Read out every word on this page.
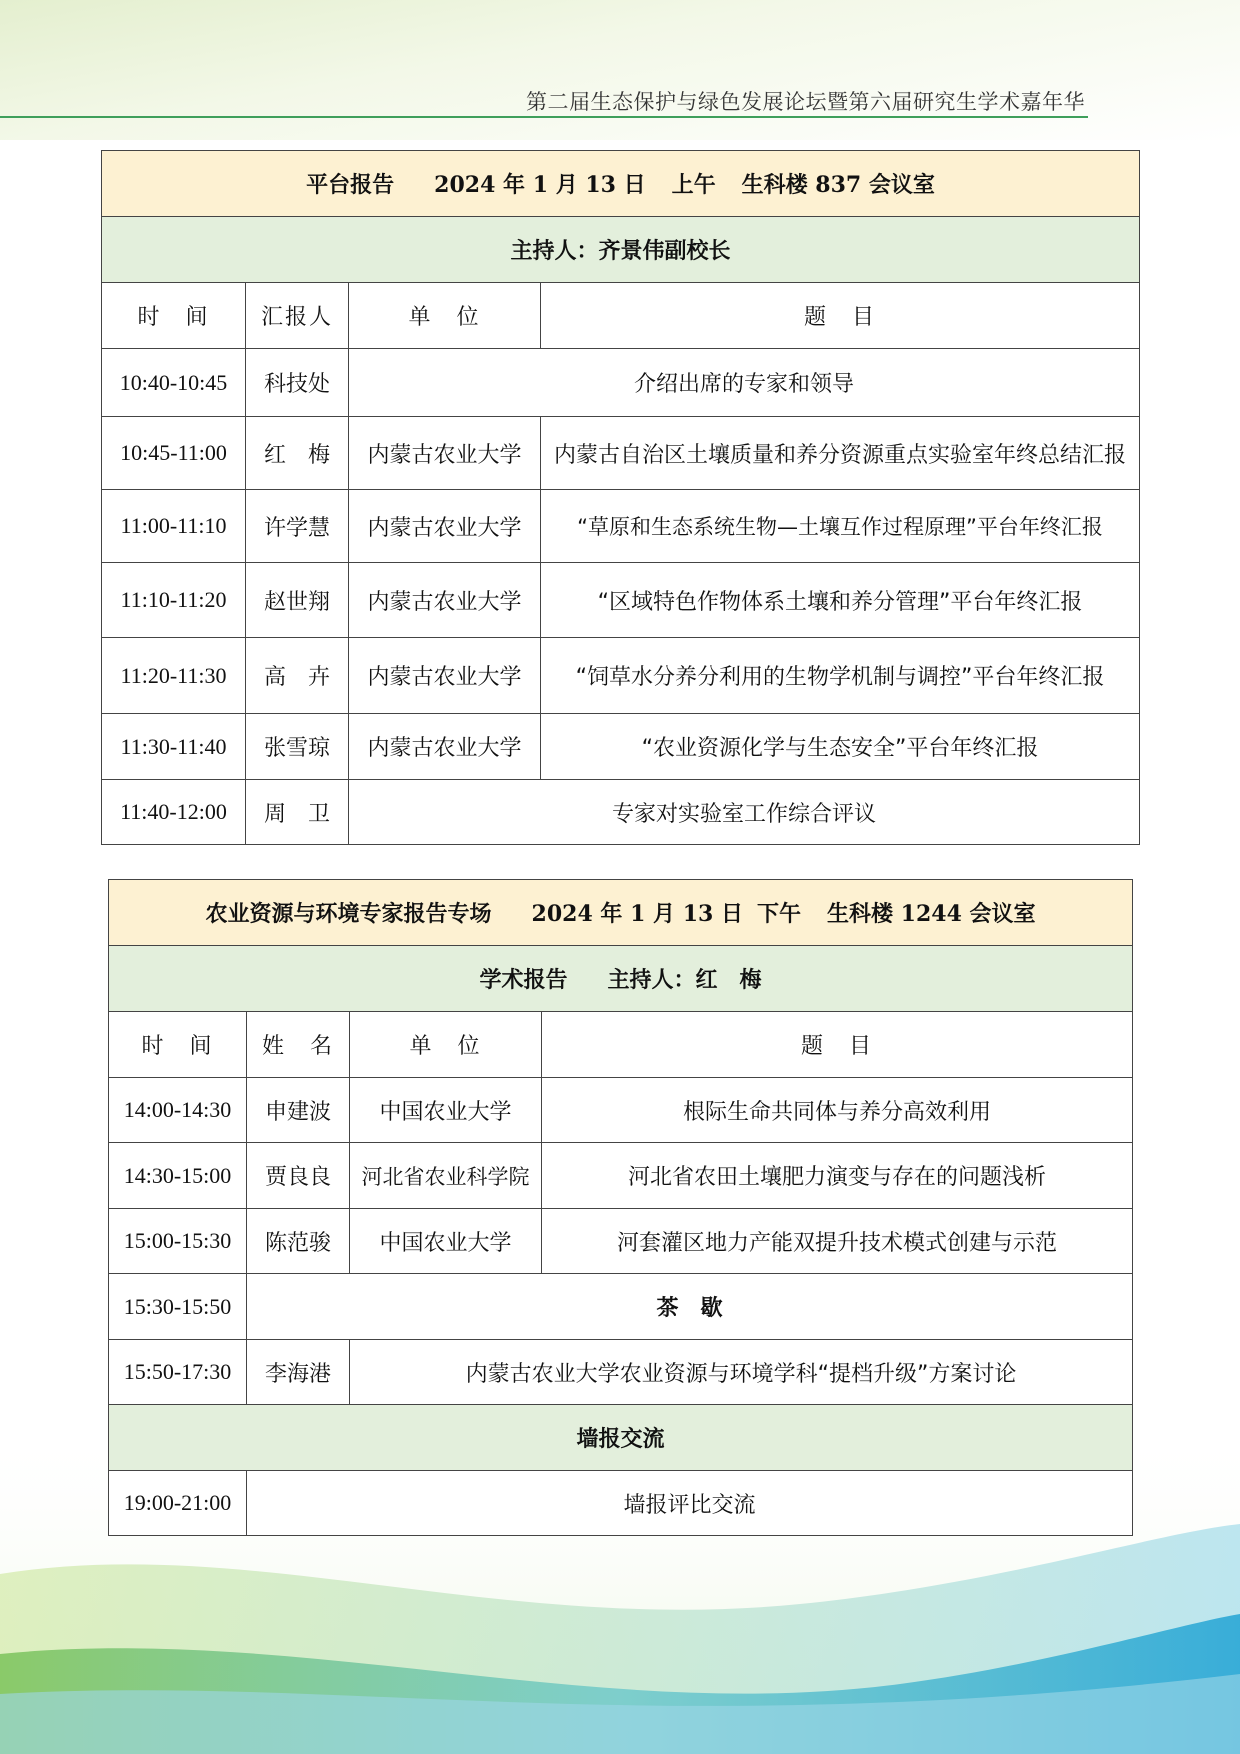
第二届生态保护与绿色发展论坛暨第六届研究生学术嘉年华
平台报告 2024 年 1 月 13 日 上午 生科楼 837 会议室			
主持人：齐景伟副校长			
时　间	汇报人	单　位	题　目
10:40-10:45	科技处	介绍出席的专家和领导	
10:45-11:00	红　梅	内蒙古农业大学	内蒙古自治区土壤质量和养分资源重点实验室年终总结汇报
11:00-11:10	许学慧	内蒙古农业大学	“草原和生态系统生物—土壤互作过程原理”平台年终汇报
11:10-11:20	赵世翔	内蒙古农业大学	“区域特色作物体系土壤和养分管理”平台年终汇报
11:20-11:30	高　卉	内蒙古农业大学	“饲草水分养分利用的生物学机制与调控”平台年终汇报
11:30-11:40	张雪琼	内蒙古农业大学	“农业资源化学与生态安全”平台年终汇报
11:40-12:00	周　卫	专家对实验室工作综合评议	
农业资源与环境专家报告专场 2024 年 1 月 13 日 下午 生科楼 1244 会议室			
学术报告 主持人：红　梅			
时　间	姓　名	单　位	题　目
14:00-14:30	申建波	中国农业大学	根际生命共同体与养分高效利用
14:30-15:00	贾良良	河北省农业科学院	河北省农田土壤肥力演变与存在的问题浅析
15:00-15:30	陈范骏	中国农业大学	河套灌区地力产能双提升技术模式创建与示范
15:30-15:50	茶　歇		
15:50-17:30	李海港	内蒙古农业大学农业资源与环境学科“提档升级”方案讨论	
墙报交流			
19:00-21:00	墙报评比交流		
